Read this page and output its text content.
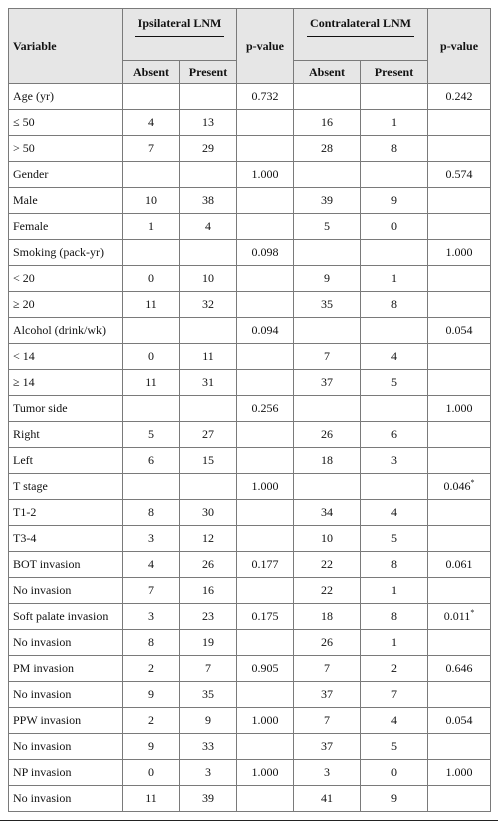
Variable	Ipsilateral LNM		p-value	Contralateral LNM		p-value
	Absent	Present		Absent	Present	
Age (yr)			0.732			0.242
≤ 50	4	13		16	1	
> 50	7	29		28	8	
Gender			1.000			0.574
Male	10	38		39	9	
Female	1	4		5	0	
Smoking (pack-yr)			0.098			1.000
< 20	0	10		9	1	
≥ 20	11	32		35	8	
Alcohol (drink/wk)			0.094			0.054
< 14	0	11		7	4	
≥ 14	11	31		37	5	
Tumor side			0.256			1.000
Right	5	27		26	6	
Left	6	15		18	3	
T stage			1.000			0.046*
T1-2	8	30		34	4	
T3-4	3	12		10	5	
BOT invasion	4	26	0.177	22	8	0.061
No invasion	7	16		22	1	
Soft palate invasion	3	23	0.175	18	8	0.011*
No invasion	8	19		26	1	
PM invasion	2	7	0.905	7	2	0.646
No invasion	9	35		37	7	
PPW invasion	2	9	1.000	7	4	0.054
No invasion	9	33		37	5	
NP invasion	0	3	1.000	3	0	1.000
No invasion	11	39		41	9	
